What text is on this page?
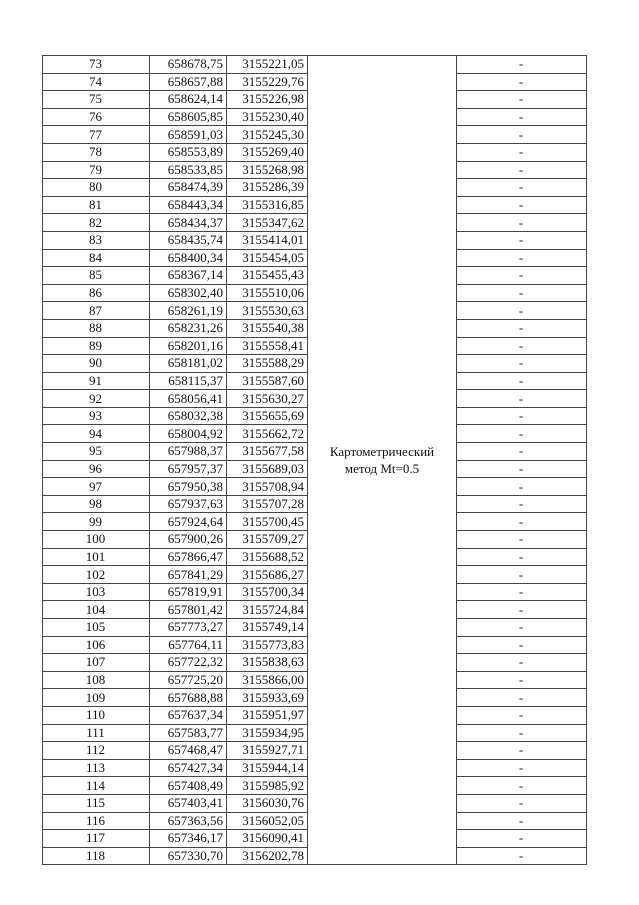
73	658678,75	3155221,05	Картометрический метод Mt=0.5	-
74	658657,88	3155229,76		-
75	658624,14	3155226,98		-
76	658605,85	3155230,40		-
77	658591,03	3155245,30		-
78	658553,89	3155269,40		-
79	658533,85	3155268,98		-
80	658474,39	3155286,39		-
81	658443,34	3155316,85		-
82	658434,37	3155347,62		-
83	658435,74	3155414,01		-
84	658400,34	3155454,05		-
85	658367,14	3155455,43		-
86	658302,40	3155510,06		-
87	658261,19	3155530,63		-
88	658231,26	3155540,38		-
89	658201,16	3155558,41		-
90	658181,02	3155588,29		-
91	658115,37	3155587,60		-
92	658056,41	3155630,27		-
93	658032,38	3155655,69		-
94	658004,92	3155662,72		-
95	657988,37	3155677,58		-
96	657957,37	3155689,03		-
97	657950,38	3155708,94		-
98	657937,63	3155707,28		-
99	657924,64	3155700,45		-
100	657900,26	3155709,27		-
101	657866,47	3155688,52		-
102	657841,29	3155686,27		-
103	657819,91	3155700,34		-
104	657801,42	3155724,84		-
105	657773,27	3155749,14		-
106	657764,11	3155773,83		-
107	657722,32	3155838,63		-
108	657725,20	3155866,00		-
109	657688,88	3155933,69		-
110	657637,34	3155951,97		-
111	657583,77	3155934,95		-
112	657468,47	3155927,71		-
113	657427,34	3155944,14		-
114	657408,49	3155985,92		-
115	657403,41	3156030,76		-
116	657363,56	3156052,05		-
117	657346,17	3156090,41		-
118	657330,70	3156202,78		-
